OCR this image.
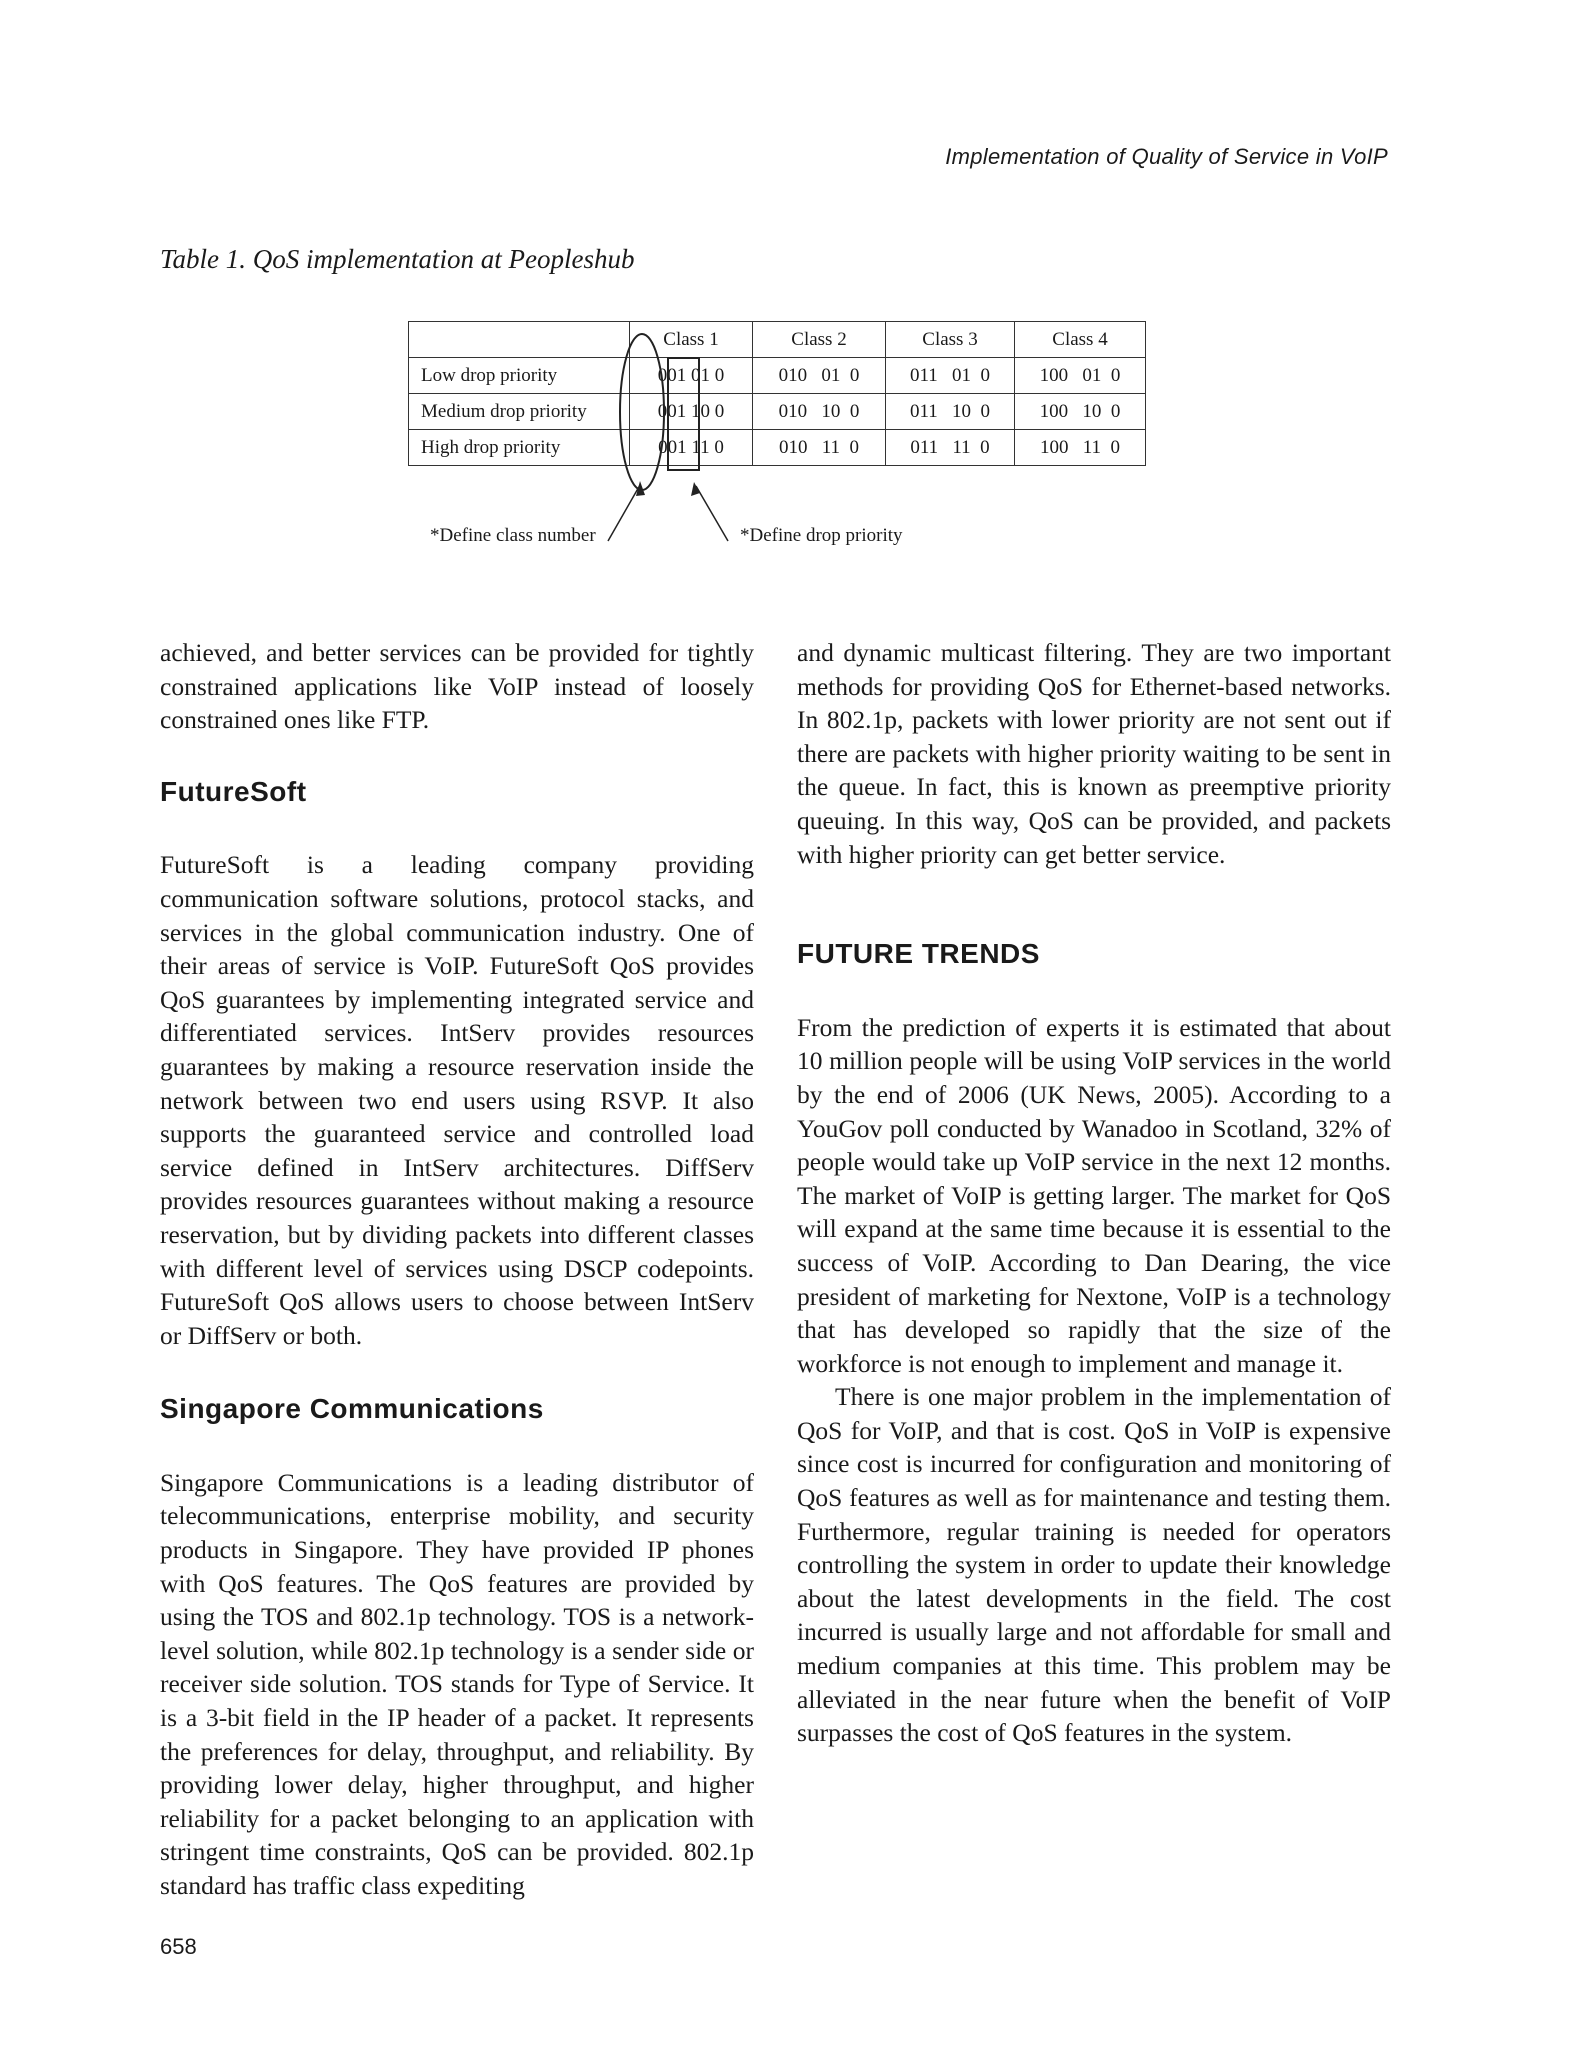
Implementation of Quality of Service in VoIP
Table 1. QoS implementation at Peopleshub
	Class 1	Class 2	Class 3	Class 4
Low drop priority	001 01 0	010   01  0	011   01  0	100   01  0
Medium drop priority	001 10 0	010   10  0	011   10  0	100   10  0
High drop priority	001 11 0	010   11  0	011   11  0	100   11  0
*Define class number	*Define drop priority

achieved, and better services can be provided for tightly constrained applications like VoIP instead of loosely constrained ones like FTP.

FutureSoft

FutureSoft is a leading company providing communication software solutions, protocol stacks, and services in the global communication industry. One of their areas of service is VoIP. FutureSoft QoS provides QoS guarantees by implementing integrated service and differentiated services. IntServ provides resources guarantees by making a resource reservation inside the network between two end users using RSVP. It also supports the guaranteed service and controlled load service defined in IntServ architectures. DiffServ provides resources guarantees without making a resource reservation, but by dividing packets into different classes with different level of services using DSCP codepoints. FutureSoft QoS allows users to choose between IntServ or DiffServ or both.

Singapore Communications

Singapore Communications is a leading distributor of telecommunications, enterprise mobility, and security products in Singapore. They have provided IP phones with QoS features. The QoS features are provided by using the TOS and 802.1p technology. TOS is a network-level solution, while 802.1p technology is a sender side or receiver side solution. TOS stands for Type of Service. It is a 3-bit field in the IP header of a packet. It represents the preferences for delay, throughput, and reliability. By providing lower delay, higher throughput, and higher reliability for a packet belonging to an application with stringent time constraints, QoS can be provided. 802.1p standard has traffic class expediting

and dynamic multicast filtering. They are two important methods for providing QoS for Ethernet-based networks. In 802.1p, packets with lower priority are not sent out if there are packets with higher priority waiting to be sent in the queue. In fact, this is known as preemptive priority queuing. In this way, QoS can be provided, and packets with higher priority can get better service.

FUTURE TRENDS

From the prediction of experts it is estimated that about 10 million people will be using VoIP services in the world by the end of 2006 (UK News, 2005). According to a YouGov poll conducted by Wanadoo in Scotland, 32% of people would take up VoIP service in the next 12 months. The market of VoIP is getting larger. The market for QoS will expand at the same time because it is essential to the success of VoIP. According to Dan Dearing, the vice president of marketing for Nextone, VoIP is a technology that has developed so rapidly that the size of the workforce is not enough to implement and manage it.

There is one major problem in the implementation of QoS for VoIP, and that is cost. QoS in VoIP is expensive since cost is incurred for configuration and monitoring of QoS features as well as for maintenance and testing them. Furthermore, regular training is needed for operators controlling the system in order to update their knowledge about the latest developments in the field. The cost incurred is usually large and not affordable for small and medium companies at this time. This problem may be alleviated in the near future when the benefit of VoIP surpasses the cost of QoS features in the system.

658
